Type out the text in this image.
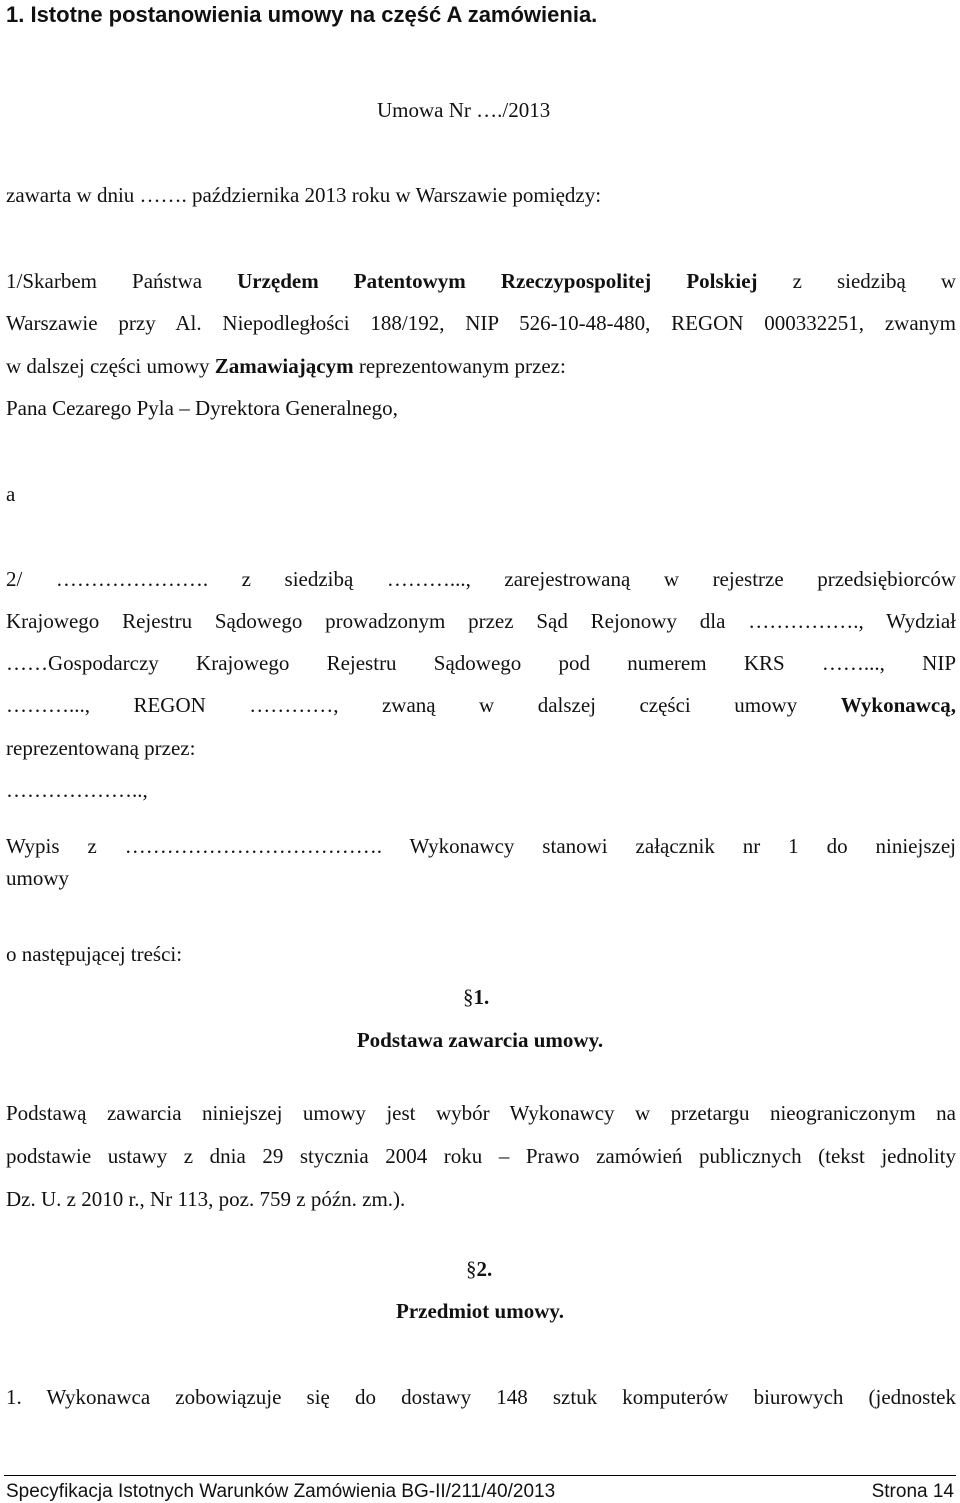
1. Istotne postanowienia umowy na część A zamówienia.
Umowa Nr …./2013
zawarta w dniu ……. października 2013 roku w Warszawie pomiędzy:
1/Skarbem Państwa Urzędem Patentowym Rzeczypospolitej Polskiej z siedzibą w
Warszawie przy Al. Niepodległości 188/192, NIP 526-10-48-480, REGON 000332251, zwanym
w dalszej części umowy Zamawiającym reprezentowanym przez:
Pana Cezarego Pyla – Dyrektora Generalnego,
a
2/ …………………. z siedzibą ………..., zarejestrowaną w rejestrze przedsiębiorców
Krajowego Rejestru Sądowego prowadzonym przez Sąd Rejonowy dla ……………., Wydział
……Gospodarczy Krajowego Rejestru Sądowego pod numerem KRS ……..., NIP
………..., REGON …………, zwaną w dalszej części umowy Wykonawcą,
reprezentowaną przez:
………………..,
Wypis z ………………………………. Wykonawcy stanowi załącznik nr 1 do niniejszej
umowy
o następującej treści:
§1.
Podstawa zawarcia umowy.
Podstawą zawarcia niniejszej umowy jest wybór Wykonawcy w przetargu nieograniczonym na
podstawie ustawy z dnia 29 stycznia 2004 roku – Prawo zamówień publicznych (tekst jednolity
Dz. U. z 2010 r., Nr 113, poz. 759 z późn. zm.).
§2.
Przedmiot umowy.
1. Wykonawca zobowiązuje się do dostawy 148 sztuk komputerów biurowych (jednostek
Specyfikacja Istotnych Warunków Zamówienia BG-II/211/40/2013	Strona 14
